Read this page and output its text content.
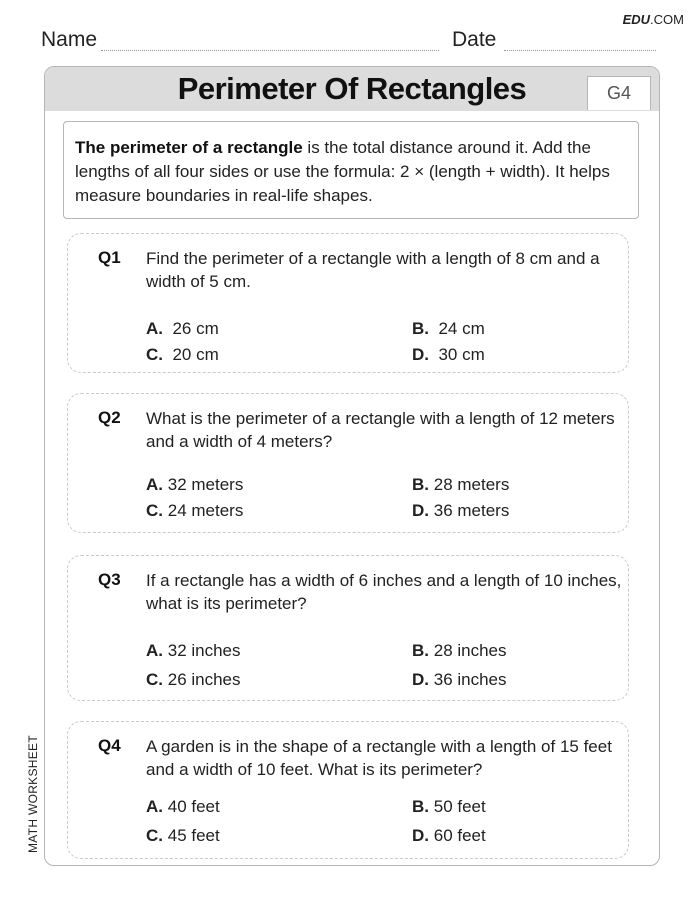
EDU.COM
Name	Date
Perimeter Of Rectangles	G4
The perimeter of a rectangle is the total distance around it. Add the lengths of all four sides or use the formula: 2 × (length + width). It helps measure boundaries in real-life shapes.
Q1 Find the perimeter of a rectangle with a length of 8 cm and a width of 5 cm.
A. 26 cm	B. 24 cm
C. 20 cm	D. 30 cm
Q2 What is the perimeter of a rectangle with a length of 12 meters and a width of 4 meters?
A. 32 meters	B. 28 meters
C. 24 meters	D. 36 meters
Q3 If a rectangle has a width of 6 inches and a length of 10 inches, what is its perimeter?
A. 32 inches	B. 28 inches
C. 26 inches	D. 36 inches
Q4 A garden is in the shape of a rectangle with a length of 15 feet and a width of 10 feet. What is its perimeter?
A. 40 feet	B. 50 feet
C. 45 feet	D. 60 feet
MATH WORKSHEET
